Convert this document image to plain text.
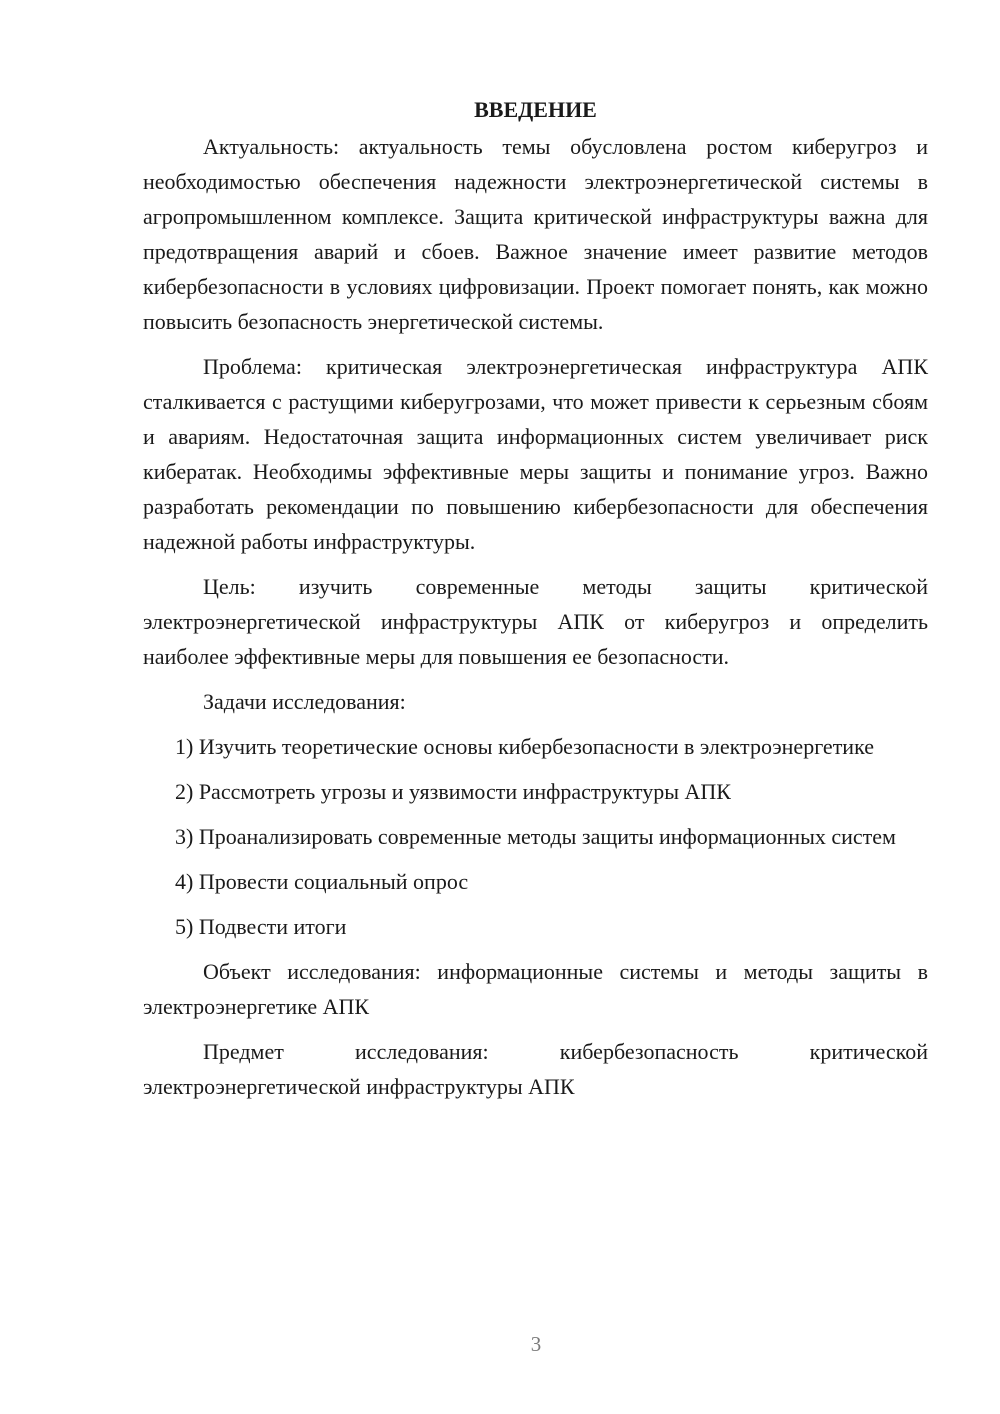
ВВЕДЕНИЕ

Актуальность: актуальность темы обусловлена ростом киберугроз и необходимостью обеспечения надежности электроэнергетической системы в агропромышленном комплексе. Защита критической инфраструктуры важна для предотвращения аварий и сбоев. Важное значение имеет развитие методов кибербезопасности в условиях цифровизации. Проект помогает понять, как можно повысить безопасность энергетической системы.

Проблема: критическая электроэнергетическая инфраструктура АПК сталкивается с растущими киберугрозами, что может привести к серьезным сбоям и авариям. Недостаточная защита информационных систем увеличивает риск кибератак. Необходимы эффективные меры защиты и понимание угроз. Важно разработать рекомендации по повышению кибербезопасности для обеспечения надежной работы инфраструктуры.

Цель: изучить современные методы защиты критической электроэнергетической инфраструктуры АПК от киберугроз и определить наиболее эффективные меры для повышения ее безопасности.

Задачи исследования:

1) Изучить теоретические основы кибербезопасности в электроэнергетике

2) Рассмотреть угрозы и уязвимости инфраструктуры АПК

3) Проанализировать современные методы защиты информационных систем

4) Провести социальный опрос

5) Подвести итоги

Объект исследования: информационные системы и методы защиты в электроэнергетике АПК

Предмет исследования: кибербезопасность критической электроэнергетической инфраструктуры АПК

3
